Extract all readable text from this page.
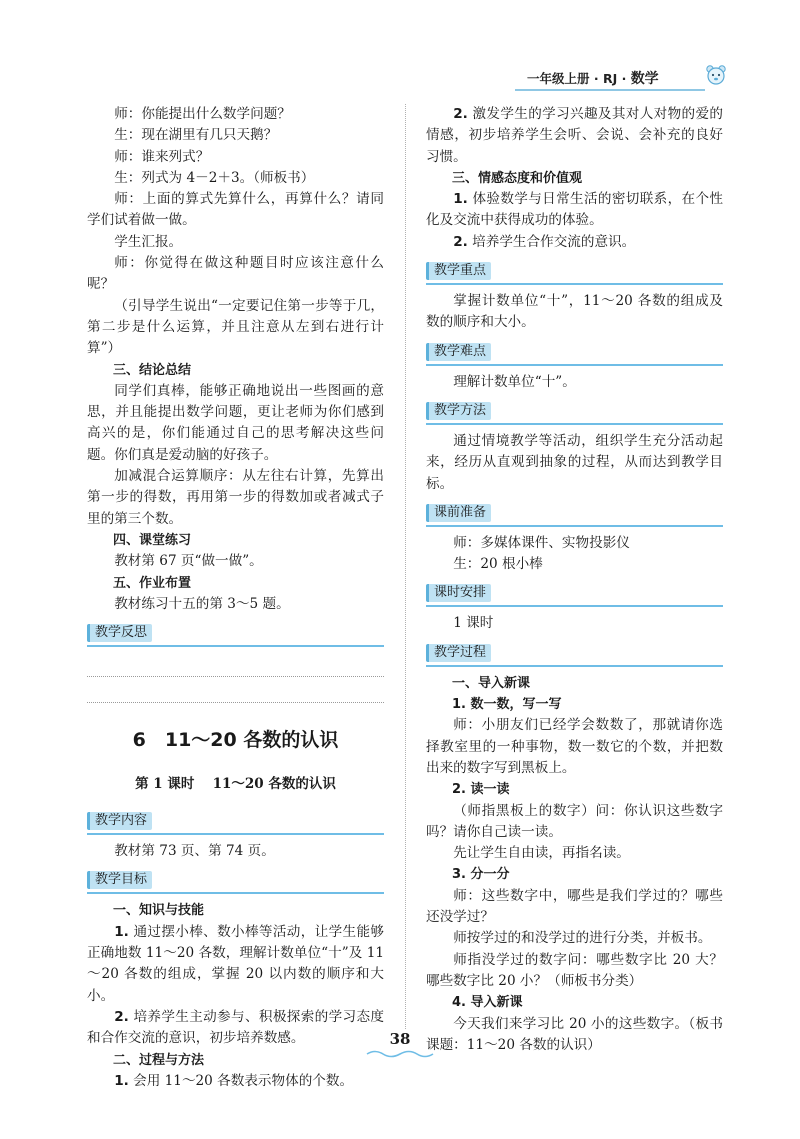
一年级上册 · RJ · 数学

师：你能提出什么数学问题？

生：现在湖里有几只天鹅？

师：谁来列式？

生：列式为 4－2＋3。（师板书）

师：上面的算式先算什么，再算什么？请同学们试着做一做。

学生汇报。

师：你觉得在做这种题目时应该注意什么呢？

（引导学生说出“一定要记住第一步等于几，第二步是什么运算，并且注意从左到右进行计算”）

三、结论总结

同学们真棒，能够正确地说出一些图画的意思，并且能提出数学问题，更让老师为你们感到高兴的是，你们能通过自己的思考解决这些问题。你们真是爱动脑的好孩子。

加减混合运算顺序：从左往右计算，先算出第一步的得数，再用第一步的得数加或者减式子里的第三个数。

四、课堂练习

教材第 67 页“做一做”。

五、作业布置

教材练习十五的第 3～5 题。

教学反思
6　11～20 各数的认识
第 1 课时　 11～20 各数的认识
教学内容

教材第 73 页、第 74 页。

教学目标

一、知识与技能

1. 通过摆小棒、数小棒等活动，让学生能够正确地数 11～20 各数，理解计数单位“十”及 11～20 各数的组成，掌握 20 以内数的顺序和大小。

2. 培养学生主动参与、积极探索的学习态度和合作交流的意识，初步培养数感。

二、过程与方法

1. 会用 11～20 各数表示物体的个数。

2. 激发学生的学习兴趣及其对人对物的爱的情感，初步培养学生会听、会说、会补充的良好习惯。

三、情感态度和价值观

1. 体验数学与日常生活的密切联系，在个性化及交流中获得成功的体验。

2. 培养学生合作交流的意识。

教学重点

掌握计数单位“十”，11～20 各数的组成及数的顺序和大小。

教学难点

理解计数单位“十”。

教学方法

通过情境教学等活动，组织学生充分活动起来，经历从直观到抽象的过程，从而达到教学目标。

课前准备

师：多媒体课件、实物投影仪

生：20 根小棒

课时安排

1 课时

教学过程

一、导入新课

1. 数一数，写一写

师：小朋友们已经学会数数了，那就请你选择教室里的一种事物，数一数它的个数，并把数出来的数字写到黑板上。

2. 读一读

（师指黑板上的数字）问：你认识这些数字吗？请你自己读一读。

先让学生自由读，再指名读。

3. 分一分

师：这些数字中，哪些是我们学过的？哪些还没学过？

师按学过的和没学过的进行分类，并板书。

师指没学过的数字问：哪些数字比 20 大？哪些数字比 20 小？（师板书分类）

4. 导入新课

今天我们来学习比 20 小的这些数字。（板书课题：11～20 各数的认识）

38
